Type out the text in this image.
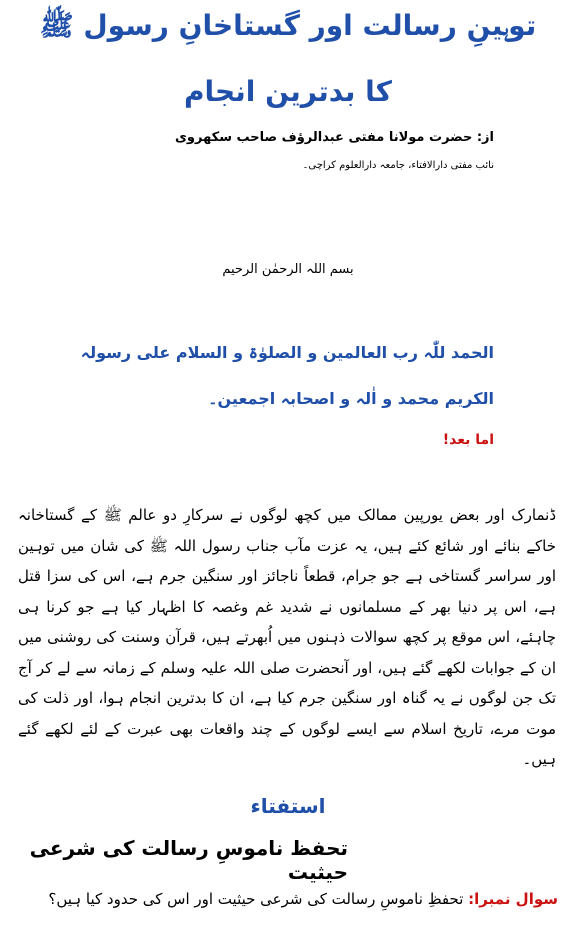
توہینِ رسالت اور گستاخانِ رسول ﷺ
کا بدترین انجام
از: حضرت مولانا مفتی عبدالرؤف صاحب سکھروی
نائب مفتی دارالافتاء، جامعہ دارالعلوم کراچی۔
بسم اللہ الرحمٰن الرحیم
الحمد للّٰہ رب العالمین و الصلوٰۃ و السلام علی رسولہ
الکریم محمد و اٰلہ و اصحابہ اجمعین۔
اما بعد!
ڈنمارک اور بعض یورپین ممالک میں کچھ لوگوں نے سرکارِ دو عالم ﷺ کے گستاخانہ خاکے بنائے اور شائع کئے ہیں، یہ عزت مآب جناب رسول اللہ ﷺ کی شان میں توہین اور سراسر گستاخی ہے جو جرام، قطعاً ناجائز اور سنگین جرم ہے، اس کی سزا قتل ہے، اس پر دنیا بھر کے مسلمانوں نے شدید غم وغصہ کا اظہار کیا ہے جو کرنا ہی چاہئے، اس موقع پر کچھ سوالات ذہنوں میں اُبھرتے ہیں، قرآن وسنت کی روشنی میں ان کے جوابات لکھے گئے ہیں، اور آنحضرت صلی اللہ علیہ وسلم کے زمانہ سے لے کر آج تک جن لوگوں نے یہ گناہ اور سنگین جرم کیا ہے، ان کا بدترین انجام ہوا، اور ذلت کی موت مرے، تاریخ اسلام سے ایسے لوگوں کے چند واقعات بھی عبرت کے لئے لکھے گئے ہیں۔
استفتاء
تحفظ ناموسِ رسالت کی شرعی حیثیت
سوال نمبرا: تحفظِ ناموسِ رسالت کی شرعی حیثیت اور اس کی حدود کیا ہیں؟
